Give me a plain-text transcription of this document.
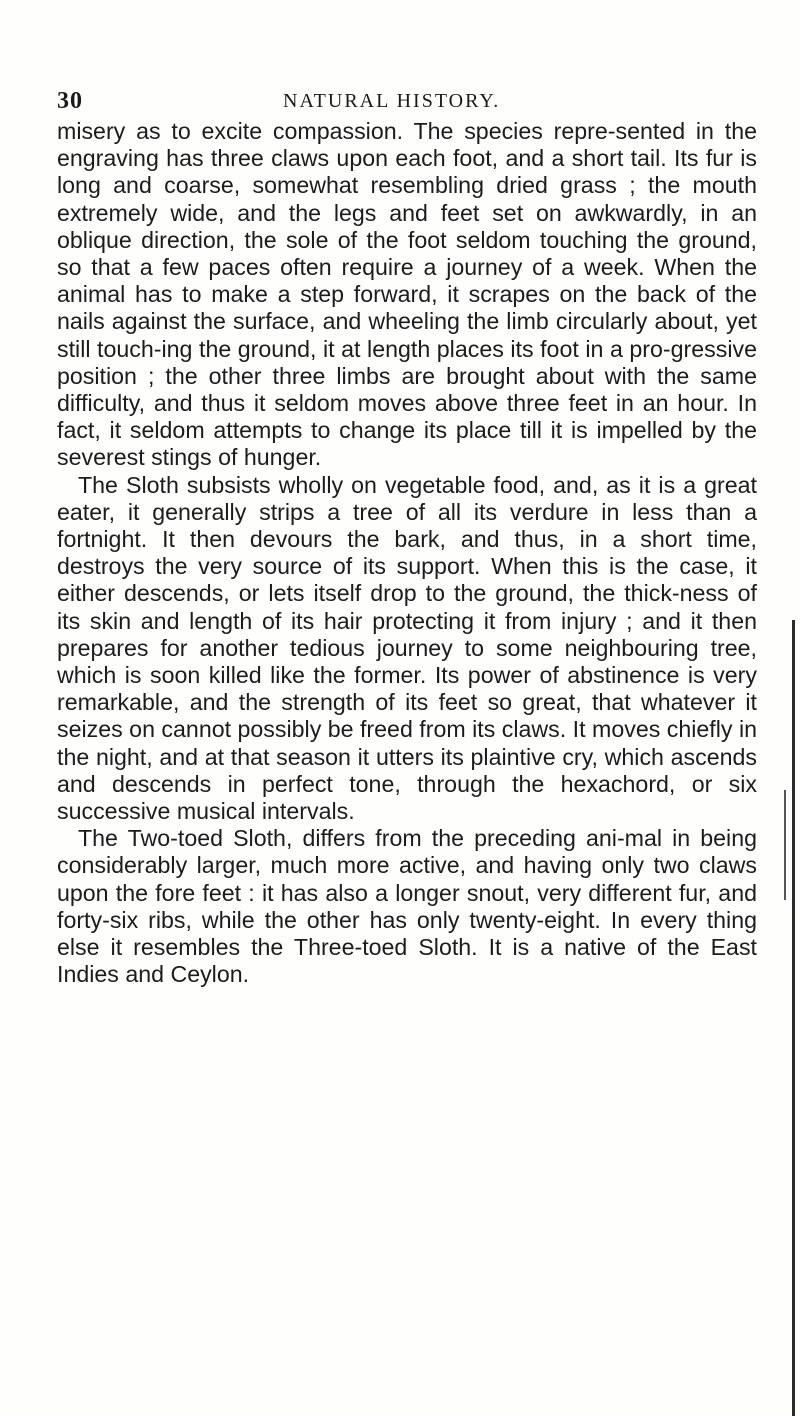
30	NATURAL HISTORY.

misery as to excite compassion. The species repre-sented in the engraving has three claws upon each foot, and a short tail. Its fur is long and coarse, somewhat resembling dried grass ; the mouth extremely wide, and the legs and feet set on awkwardly, in an oblique direction, the sole of the foot seldom touching the ground, so that a few paces often require a journey of a week. When the animal has to make a step forward, it scrapes on the back of the nails against the surface, and wheeling the limb circularly about, yet still touch-ing the ground, it at length places its foot in a pro-gressive position ; the other three limbs are brought about with the same difficulty, and thus it seldom moves above three feet in an hour. In fact, it seldom attempts to change its place till it is impelled by the severest stings of hunger.

The Sloth subsists wholly on vegetable food, and, as it is a great eater, it generally strips a tree of all its verdure in less than a fortnight. It then devours the bark, and thus, in a short time, destroys the very source of its support. When this is the case, it either descends, or lets itself drop to the ground, the thick-ness of its skin and length of its hair protecting it from injury ; and it then prepares for another tedious journey to some neighbouring tree, which is soon killed like the former. Its power of abstinence is very remarkable, and the strength of its feet so great, that whatever it seizes on cannot possibly be freed from its claws. It moves chiefly in the night, and at that season it utters its plaintive cry, which ascends and descends in perfect tone, through the hexachord, or six successive musical intervals.

The Two-toed Sloth, differs from the preceding ani-mal in being considerably larger, much more active, and having only two claws upon the fore feet : it has also a longer snout, very different fur, and forty-six ribs, while the other has only twenty-eight. In every thing else it resembles the Three-toed Sloth. It is a native of the East Indies and Ceylon.
